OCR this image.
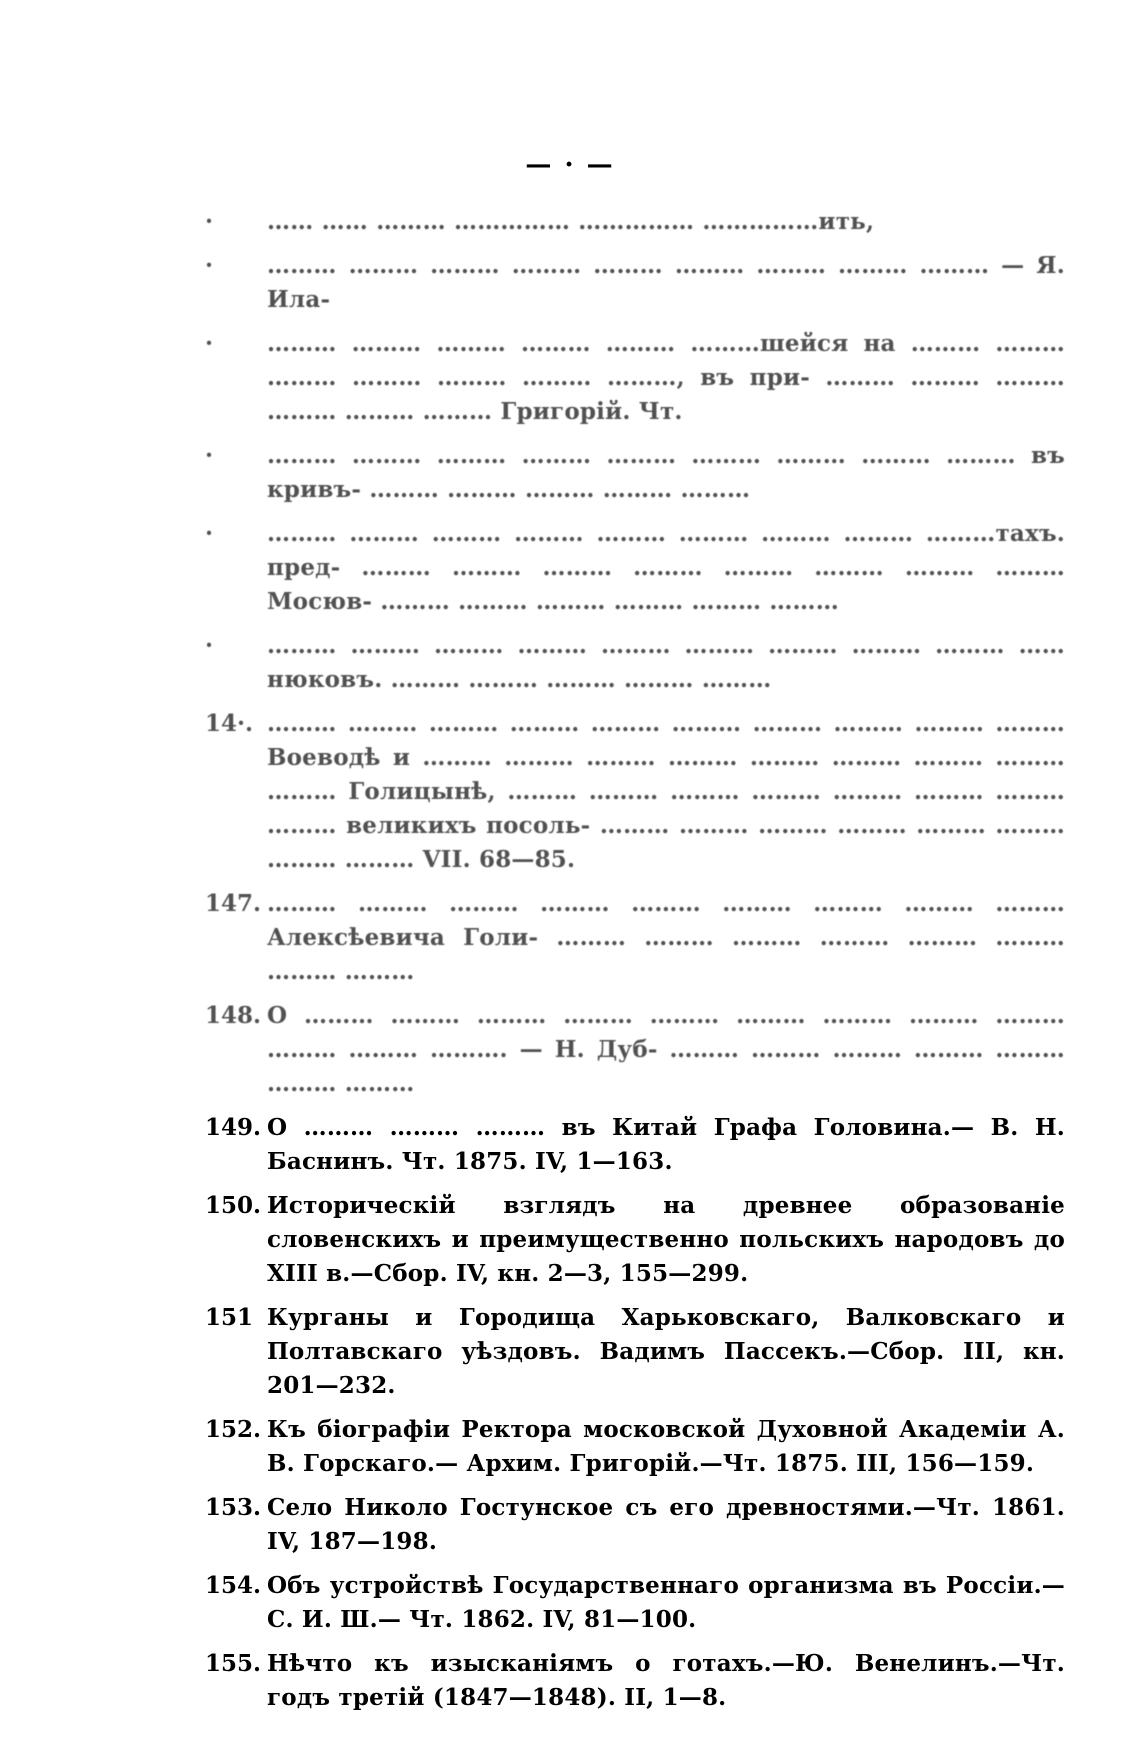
— · —
·	…… …… ……… …………… …………… ……………ить,
·	……… ……… ……… ……… ……… ……… ……… ……… ……… — Я. Ила-
·	……… ……… ……… ……… ……… ………шейся на ……… ……… ……… ……… ……… ……… ………, въ при- ……… ……… ……… ……… ……… ……… Григорій. Чт.
·	……… ……… ……… ……… ……… ……… ……… ……… ……… въ кривъ- ……… ……… ……… ……… ………
·	……… ……… ……… ……… ……… ……… ……… ……… ………тахъ. пред- ……… ……… ……… ……… ……… ……… ……… ……… Мосюв- ……… ……… ……… ……… ……… ………
·	……… ……… ……… ……… ……… ……… ……… ……… ……… ……нюковъ. ……… ……… ……… ……… ………
14·. ……… ……… ……… ……… ……… ……… ……… ……… ……… ……… Воеводѣ и ……… ……… ……… ……… ……… ……… ……… ……… ……… Голицынѣ, ……… ……… ……… ……… ……… ……… ……… ……… великихъ посоль- ……… ……… ……… ……… ……… ……… ……… ……… VII. 68—85.
147. ……… ……… ……… ……… ……… ……… ……… ……… ……… Алексѣевича Голи- ……… ……… ……… ……… ……… ……… ……… ………
148. О ……… ……… ……… ……… ……… ……… ……… ……… ……… ……… ……… ………. — Н. Дуб- ……… ……… ……… ……… ……… ……… ………
149. О ……… ……… ……… въ Китай Графа Головина.— В. Н. Баснинъ. Чт. 1875. IV, 1—163.
150. Историческій взглядъ на древнее образованіе словенскихъ и преимущественно польскихъ народовъ до XIII в.—Сбор. IV, кн. 2—3, 155—299.
151 Курганы и Городища Харьковскаго, Валковскаго и Полтавскаго уѣздовъ. Вадимъ Пассекъ.—Сбор. III, кн. 201—232.
152. Къ біографіи Ректора московской Духовной Академіи А. В. Горскаго.— Архим. Григорій.—Чт. 1875. III, 156—159.
153. Село Николо Гостунское съ его древностями.—Чт. 1861. IV, 187—198.
154. Объ устройствѣ Государственнаго организма въ Россіи.—С. И. Ш.— Чт. 1862. IV, 81—100.
155. Нѣчто къ изысканіямъ о готахъ.—Ю. Венелинъ.—Чт. годъ третій (1847—1848). II, 1—8.
